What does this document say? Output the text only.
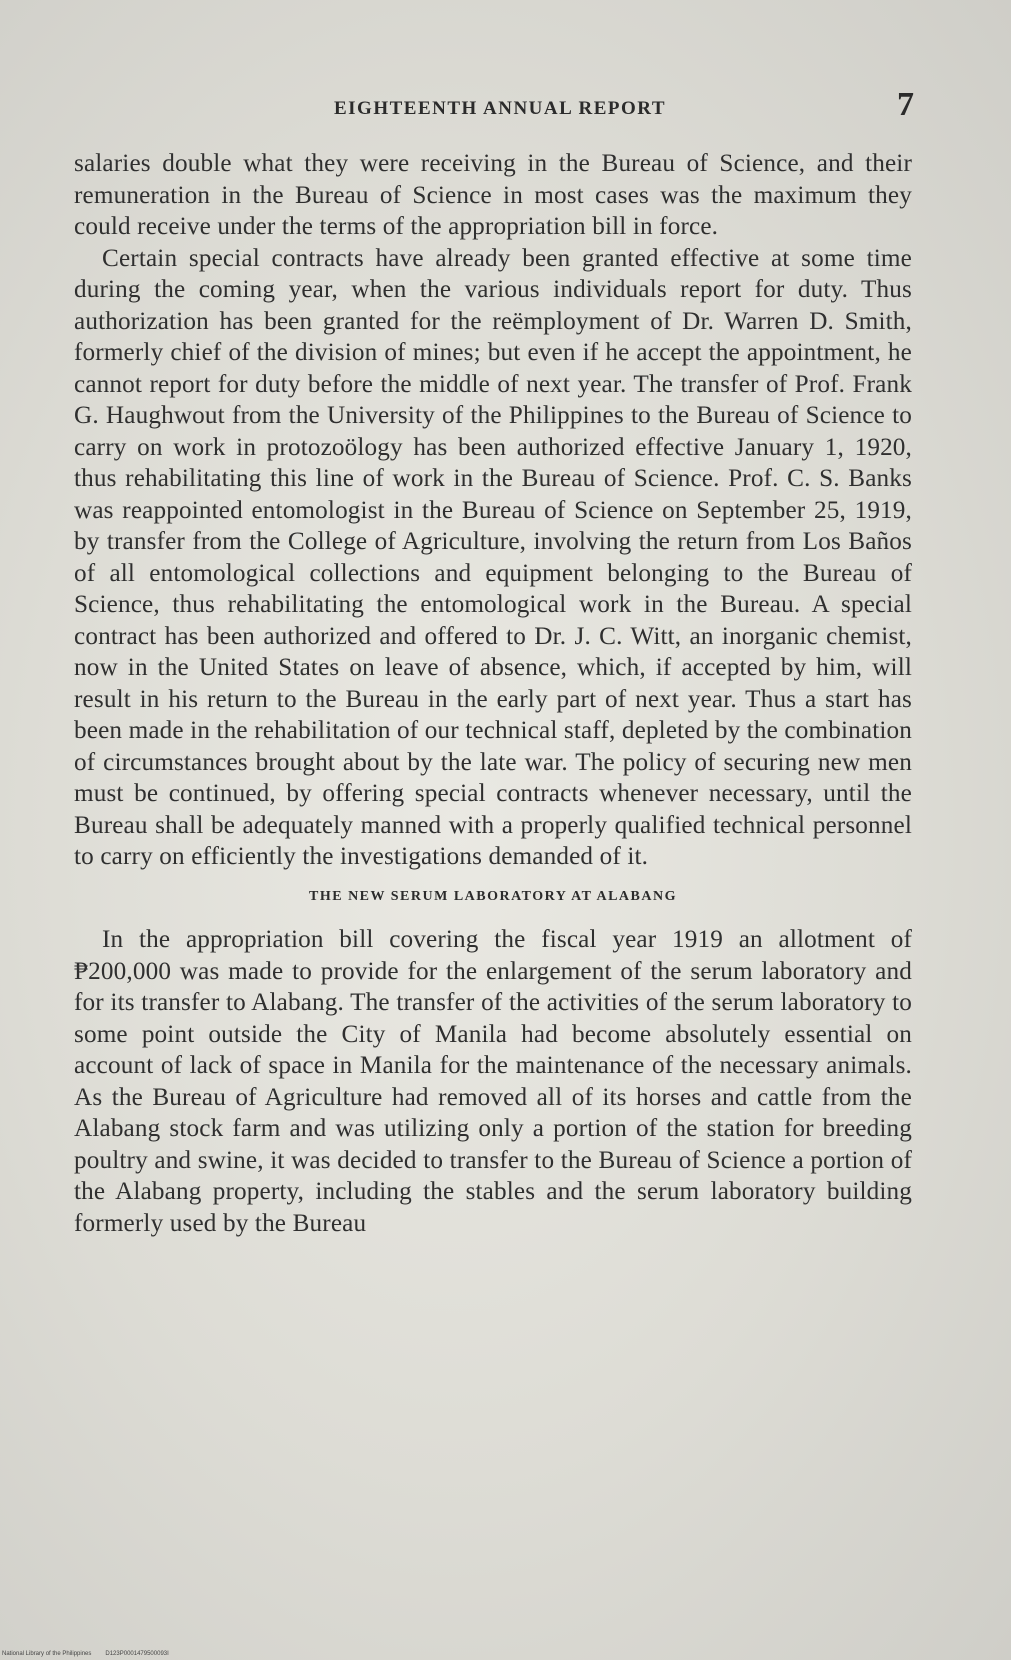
EIGHTEENTH ANNUAL REPORT	7

salaries double what they were receiving in the Bureau of Science, and their remuneration in the Bureau of Science in most cases was the maximum they could receive under the terms of the appropriation bill in force.

Certain special contracts have already been granted effective at some time during the coming year, when the various individuals report for duty. Thus authorization has been granted for the reëmployment of Dr. Warren D. Smith, formerly chief of the division of mines; but even if he accept the appointment, he cannot report for duty before the middle of next year. The transfer of Prof. Frank G. Haughwout from the University of the Philippines to the Bureau of Science to carry on work in protozoölogy has been authorized effective January 1, 1920, thus rehabilitating this line of work in the Bureau of Science. Prof. C. S. Banks was reappointed entomologist in the Bureau of Science on September 25, 1919, by transfer from the College of Agriculture, involving the return from Los Baños of all entomological collections and equipment belonging to the Bureau of Science, thus rehabilitating the entomological work in the Bureau. A special contract has been authorized and offered to Dr. J. C. Witt, an inorganic chemist, now in the United States on leave of absence, which, if accepted by him, will result in his return to the Bureau in the early part of next year. Thus a start has been made in the rehabilitation of our technical staff, depleted by the combination of circumstances brought about by the late war. The policy of securing new men must be continued, by offering special contracts whenever necessary, until the Bureau shall be adequately manned with a properly qualified technical personnel to carry on efficiently the investigations demanded of it.

THE NEW SERUM LABORATORY AT ALABANG

In the appropriation bill covering the fiscal year 1919 an allotment of ₱200,000 was made to provide for the enlargement of the serum laboratory and for its transfer to Alabang. The transfer of the activities of the serum laboratory to some point outside the City of Manila had become absolutely essential on account of lack of space in Manila for the maintenance of the necessary animals. As the Bureau of Agriculture had removed all of its horses and cattle from the Alabang stock farm and was utilizing only a portion of the station for breeding poultry and swine, it was decided to transfer to the Bureau of Science a portion of the Alabang property, including the stables and the serum laboratory building formerly used by the Bureau

National Library of the Philippines D123P0001479500093I
